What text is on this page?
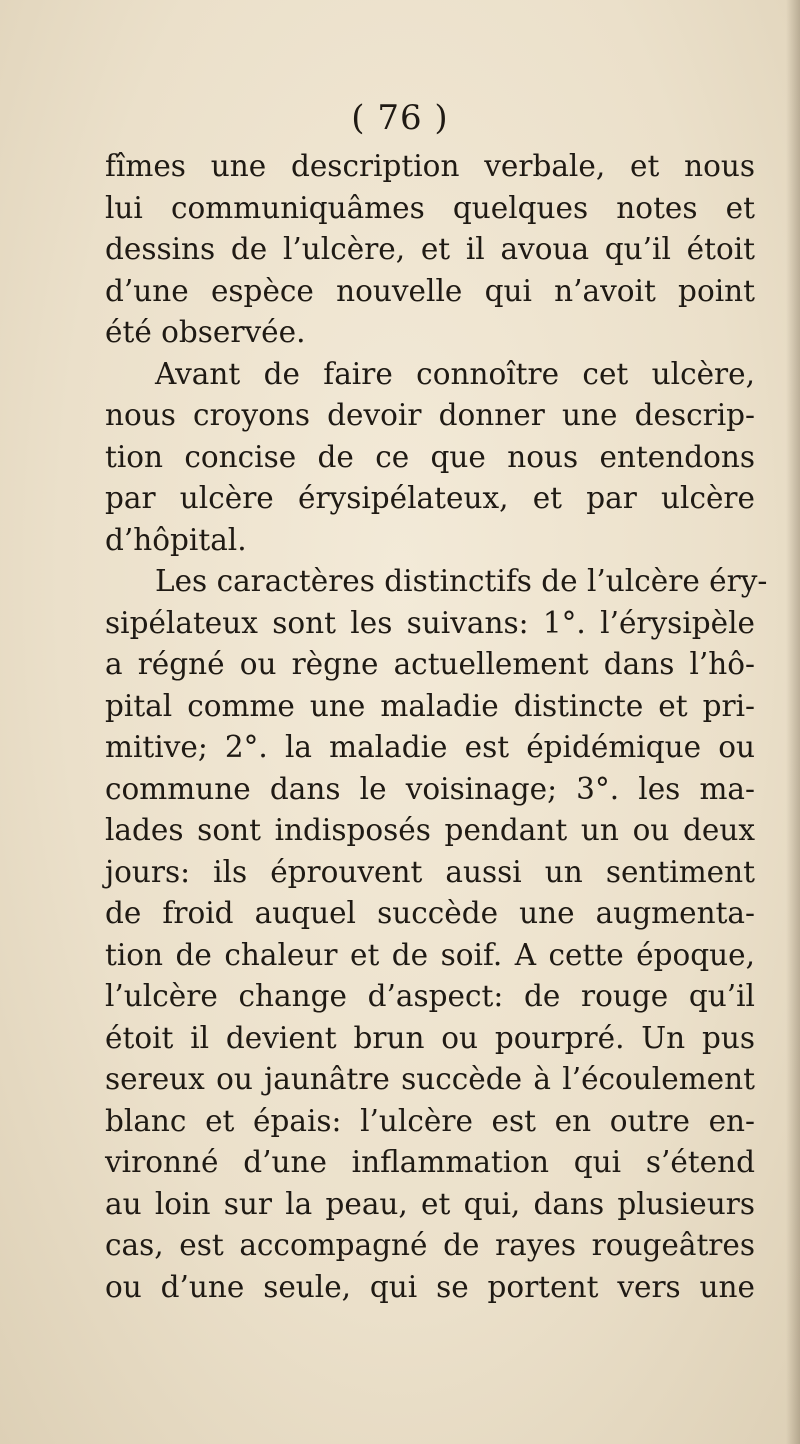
( 76 )
fîmes une description verbale, et nous
lui communiquâmes quelques notes et
dessins de l’ulcère, et il avoua qu’il étoit
d’une espèce nouvelle qui n’avoit point
été observée.
Avant de faire connoître cet ulcère,
nous croyons devoir donner une descrip-
tion concise de ce que nous entendons
par ulcère érysipélateux, et par ulcère
d’hôpital.
Les caractères distinctifs de l’ulcère éry-
sipélateux sont les suivans: 1°. l’érysipèle
a régné ou règne actuellement dans l’hô-
pital comme une maladie distincte et pri-
mitive; 2°. la maladie est épidémique ou
commune dans le voisinage; 3°. les ma-
lades sont indisposés pendant un ou deux
jours: ils éprouvent aussi un sentiment
de froid auquel succède une augmenta-
tion de chaleur et de soif. A cette époque,
l’ulcère change d’aspect: de rouge qu’il
étoit il devient brun ou pourpré. Un pus
sereux ou jaunâtre succède à l’écoulement
blanc et épais: l’ulcère est en outre en-
vironné d’une inflammation qui s’étend
au loin sur la peau, et qui, dans plusieurs
cas, est accompagné de rayes rougeâtres
ou d’une seule, qui se portent vers une
